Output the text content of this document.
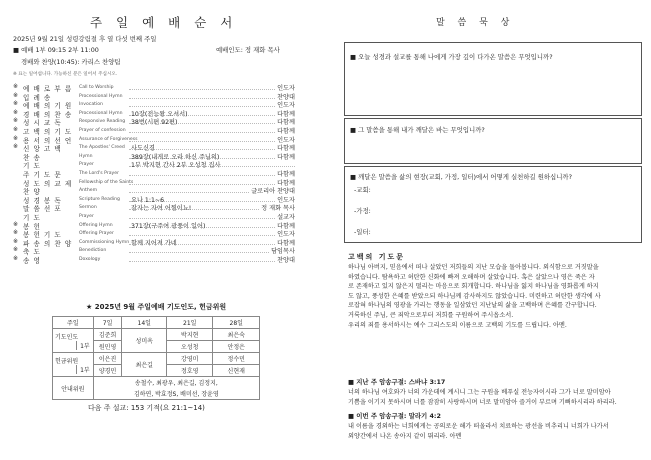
주 일 예 배 순 서
2025년 9월 21일 성령강림절 후 열 다섯 번째 주일
■ 예배 1부 09:15 2부 11:00	예배인도: 정 재화 목사
경배와 찬양(10:45): 카리스 찬양팀
※ 표는 일어섭니다. 가능하신 분은 일어서 주십시오.
※ 예 배 로 부 름 Call to Worship	인도자
※ 입 례 송	Processional Hymn	찬양대
※ 예 배 의 기 원 Invocation	인도자
※ 경 배 의 찬 송 Processional Hymn 10장(전능왕 오셔서)	다함께
※ 성 시 교 독	Responsive Reading 38번(시편 92편)	다함께
※ 고 백 의 기 도 Prayer of confession	다함께
※ 용 서 의 선 언 Assurance of Forgiveness	인도자
※ 신 앙 고 백	The Apostles' Creed 사도신경	다함께
찬 송	Hymn	389장(내게로 오라 하신 주님의)	다함께
기 도	Prayer	1부 박지현 간사 2부 오성청 집사
주 기 도 문	The Lord's Prayer	다함께
성 도 의 교 제 Fellowship of the Saints	다함께
찬 양	Anthem	글로리아 찬양대
성 경 봉 독	Scripture Reading 요나 1:1~6	인도자
말 씀 선 포	Sermon	잠자는 자여 어찜이뇨!	정 재화 목사
기 도	Prayer	설교자
※ 봉 헌	Offering Hymn	371장(구주여 광풍이 일어)	다함께
※ 봉 헌 기 도	Offering Prayer	인도자
※ 파 송 의 찬 양 Commissioning Hymn 함께 지어져 가네	다함께
※ 축 도	Benediction	담임목사
※ 송 영	Doxology	찬양대
★ 2025년 9월 주일예배 기도인도, 헌금위원
주일	7일	14일	21일	28일
기도인도
1부	김준희	성미옥	박지현	최은숙
	원민영		오성청	안정은
헌금위원
1부	이은진	최은길	강영미	정수민
	양경민		정호영	신현재
안내위원	송철수, 최광우, 최은길, 김정지,			
	김하연, 박효정S, 배미선, 장윤영			
다음 주 설교: 153 기적(요 21:1~14)
말 씀 묵 상
■ 오늘 성경과 설교를 통해 나에게 가장 깊이 다가온 말씀은 무엇입니까?
■ 그 말씀을 통해 내가 깨달은 바는 무엇입니까?
■ 깨달은 말씀을 삶의 현장(교회, 가정, 일터)에서 어떻게 실천하길 원하십니까?
-교회:
-가정:
-일터:
고백의 기도문
하나님 아버지, 믿음에서 떠나 살았던 저희들의 지난 모습을 돌아봅니다. 외식함으로 거짓말을
하였습니다. 탐욕하고 허탄한 신화에 빠져 오해하며 살았습니다. 혹은 살았으나 영은 죽은 자
로 존재하고 있지 않은지 떨리는 마음으로 회개합니다. 하나님을 잃지 하나님을 영화롭게 하지
도 않고, 풍성한 은혜를 받았으되 하나님께 감사하지도 않았습니다. 미련하고 허탄한 생각에 사
로잡혀 하나님의 영광을 가리는 행동을 일삼았던 지난날의 삶을 고백하며 은혜를 간구합니다.
거룩하신 주님, 큰 죄악으로부터 저희를 구원하여 주시옵소서.
우리의 죄를 용서하시는 예수 그리스도의 이름으로 고백의 기도를 드립니다. 아멘.
■ 지난 주 암송구절: 스바냐 3:17
너의 하나님 여호와가 너의 가운데에 계시니 그는 구원을 베푸실 전능자이시라 그가 너로 말미암아
기쁨을 이기지 못하시며 너를 잠잠히 사랑하시며 너로 말미암아 즐거이 부르며 기뻐하시리라 하리라.
■ 이번 주 암송구절: 말라기 4:2
내 이름을 경외하는 너희에게는 공의로운 해가 떠올라서 치료하는 광선을 비추리니 너희가 나가서
외양간에서 나온 송아지 같이 뛰리라. 아멘
